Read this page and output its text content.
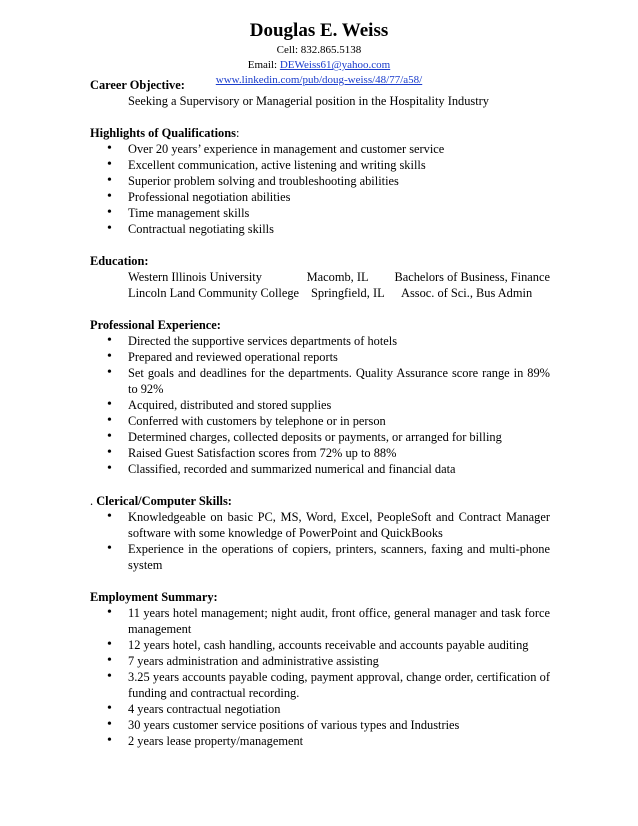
Douglas E. Weiss
Cell: 832.865.5138
Email: DEWeiss61@yahoo.com
www.linkedin.com/pub/doug-weiss/48/77/a58/
Career Objective:
Seeking a Supervisory or Managerial position in the Hospitality Industry
Highlights of Qualifications:
• Over 20 years’ experience in management and customer service
• Excellent communication, active listening and writing skills
• Superior problem solving and troubleshooting abilities
• Professional negotiation abilities
• Time management skills
• Contractual negotiating skills
Education:
Western Illinois University	Macomb, IL	Bachelors of Business, Finance
Lincoln Land Community College Springfield, IL	Assoc. of Sci., Bus Admin
Professional Experience:
• Directed the supportive services departments of hotels
• Prepared and reviewed operational reports
• Set goals and deadlines for the departments. Quality Assurance score range in 89% to 92%
• Acquired, distributed and stored supplies
• Conferred with customers by telephone or in person
• Determined charges, collected deposits or payments, or arranged for billing
• Raised Guest Satisfaction scores from 72% up to 88%
• Classified, recorded and summarized numerical and financial data
. Clerical/Computer Skills:
• Knowledgeable on basic PC, MS, Word, Excel, PeopleSoft and Contract Manager software with some knowledge of PowerPoint and QuickBooks
• Experience in the operations of copiers, printers, scanners, faxing and multi-phone system
Employment Summary:
• 11 years hotel management; night audit, front office, general manager and task force management
• 12 years hotel, cash handling, accounts receivable and accounts payable auditing
• 7 years administration and administrative assisting
• 3.25 years accounts payable coding, payment approval, change order, certification of funding and contractual recording.
• 4 years contractual negotiation
• 30 years customer service positions of various types and Industries
• 2 years lease property/management
